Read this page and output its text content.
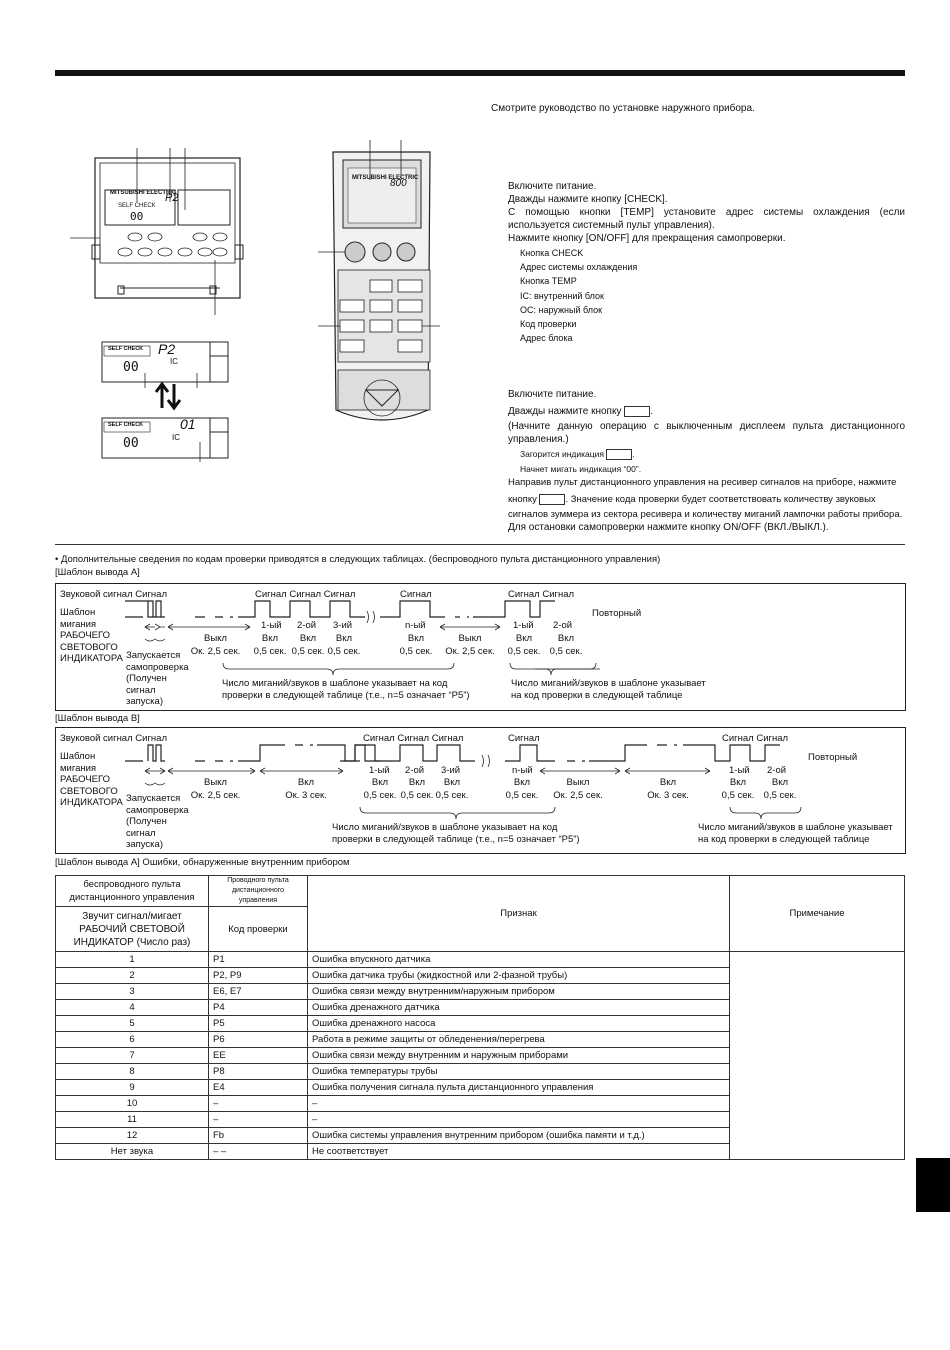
Смотрите руководство по установке наружного прибора.
MITSUBISHI ELECTRIC
SELF CHECK
00
P2
SELF CHECK P2
IC
00
SELF CHECK	01
IC
00
MITSUBISHI ELECTRIC
800	Включите питание.

Дважды нажмите кнопку [CHECK].

С помощью кнопки [TEMP] установите адрес системы охлаждения (если используется системный пульт управления).

Нажмите кнопку [ON/OFF] для прекращения самопроверки.

Кнопка CHECK

Адрес системы охлаждения

Кнопка TEMP

IC: внутренний блок

OC: наружный блок

Код проверки

Адрес блока

Включите питание.
Дважды нажмите кнопку	.
(Начните данную операцию с выключенным дисплеем пульта дистанционного управления.)
Загорится индикация	.
Начнет мигать индикация “00”.
Направив пульт дистанционного управления на ресивер сигналов на приборе, нажмите
кнопку	. Значение кода проверки будет соответствовать количеству звуковых
сигналов зуммера из сектора ресивера и количеству миганий лампочки работы прибора.
Для остановки самопроверки нажмите кнопку ON/OFF (ВКЛ./ВЫКЛ.).
• Дополнительные сведения по кодам проверки приводятся в следующих таблицах. (беспроводного пульта дистанционного управления)
[Шаблон вывода A]
Звуковой сигнал Сигнал	Сигнал Сигнал Сигнал	Сигнал	Сигнал Сигнал
Шаблон
мигания
РАБОЧЕГО
СВЕТОВОГО
ИНДИКАТОРА Запускается
самопроверка
(Получен
сигнал
запуска)
1-ый 2-ой 3-ий	n-ый	1-ый 2-ой
Повторный
Выкл
Ок. 2,5 сек.
Вкл
0,5 сек.
Вкл
0,5 сек.
Вкл
0,5 сек.
Вкл
0,5 сек.
Выкл
Ок. 2,5 сек.
Вкл
0,5 сек.
Вкл
0,5 сек.
Число миганий/звуков в шаблоне указывает на код
проверки в следующей таблице (т.е., n=5 означает “P5”)
Число миганий/звуков в шаблоне указывает
на код проверки в следующей таблице
[Шаблон вывода B]
Звуковой сигнал Сигнал	Сигнал Сигнал Сигнал	Сигнал	Сигнал Сигнал
Шаблон
мигания
РАБОЧЕГО
СВЕТОВОГО
ИНДИКАТОРА Запускается
самопроверка
(Получен
сигнал
запуска)
1-ый 2-ой 3-ий	n-ый	1-ый 2-ой
Повторный
Выкл
Ок. 2,5 сек.
Вкл
Ок. 3 сек.
Вкл
0,5 сек.
Вкл
0,5 сек.
Вкл
0,5 сек.
Вкл
0,5 сек.
Выкл
Ок. 2,5 сек.
Вкл
Ок. 3 сек.
Вкл
0,5 сек.
Вкл
0,5 сек.
Число миганий/звуков в шаблоне указывает на код
проверки в следующей таблице (т.е., n=5 означает “P5”)
Число миганий/звуков в шаблоне указывает
на код проверки в следующей таблице
[Шаблон вывода A] Ошибки, обнаруженные внутренним прибором
беспроводного пульта дистанционного управления	Проводного пульта дистанционного управления	Признак	Примечание
Звучит сигнал/мигает РАБОЧИЙ СВЕТОВОЙ ИНДИКАТОР (Число раз)	Код проверки		
1	P1	Ошибка впускного датчика	
2	P2, P9	Ошибка датчика трубы (жидкостной или 2-фазной трубы)	
3	E6, E7	Ошибка связи между внутренним/наружным прибором	
4	P4	Ошибка дренажного датчика	
5	P5	Ошибка дренажного насоса	
6	P6	Работа в режиме защиты от обледенения/перегрева	
7	EE	Ошибка связи между внутренним и наружным приборами	
8	P8	Ошибка температуры трубы	
9	E4	Ошибка получения сигнала пульта дистанционного управления	
10	–	–	
11	–	–	
12	Fb	Ошибка системы управления внутренним прибором (ошибка памяти и т.д.)	
Нет звука	– –	Не соответствует	
